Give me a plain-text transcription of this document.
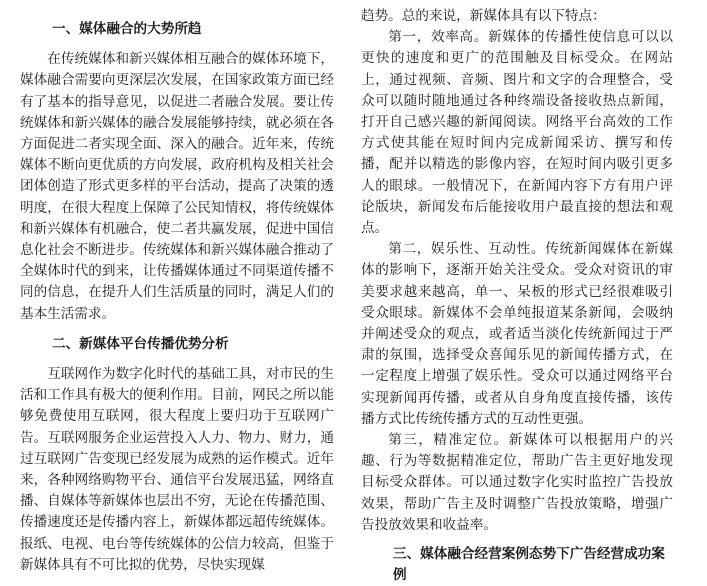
一、媒体融合的大势所趋

在传统媒体和新兴媒体相互融合的媒体环境下，媒体融合需要向更深层次发展，在国家政策方面已经有了基本的指导意见，以促进二者融合发展。要让传统媒体和新兴媒体的融合发展能够持续，就必须在各方面促进二者实现全面、深入的融合。近年来，传统媒体不断向更优质的方向发展，政府机构及相关社会团体创造了形式更多样的平台活动，提高了决策的透明度，在很大程度上保障了公民知情权，将传统媒体和新兴媒体有机融合，使二者共赢发展，促进中国信息化社会不断进步。传统媒体和新兴媒体融合推动了全媒体时代的到来，让传播媒体通过不同渠道传播不同的信息，在提升人们生活质量的同时，满足人们的基本生活需求。

二、新媒体平台传播优势分析

互联网作为数字化时代的基础工具，对市民的生活和工作具有极大的便利作用。目前，网民之所以能够免费使用互联网，很大程度上要归功于互联网广告。互联网服务企业运营投入人力、物力、财力，通过互联网广告变现已经发展为成熟的运作模式。近年来，各种网络购物平台、通信平台发展迅猛，网络直播、自媒体等新媒体也层出不穷，无论在传播范围、传播速度还是传播内容上，新媒体都远超传统媒体。报纸、电视、电台等传统媒体的公信力较高，但鉴于新媒体具有不可比拟的优势，尽快实现媒

趋势。总的来说，新媒体具有以下特点：

第一，效率高。新媒体的传播性使信息可以以更快的速度和更广的范围触及目标受众。在网站上，通过视频、音频、图片和文字的合理整合，受众可以随时随地通过各种终端设备接收热点新闻，打开自己感兴趣的新闻阅读。网络平台高效的工作方式使其能在短时间内完成新闻采访、撰写和传播，配并以精选的影像内容，在短时间内吸引更多人的眼球。一般情况下，在新闻内容下方有用户评论版块，新闻发布后能接收用户最直接的想法和观点。

第二，娱乐性、互动性。传统新闻媒体在新媒体的影响下，逐渐开始关注受众。受众对资讯的审美要求越来越高，单一、呆板的形式已经很难吸引受众眼球。新媒体不会单纯报道某条新闻，会吸纳并阐述受众的观点，或者适当淡化传统新闻过于严肃的氛围，选择受众喜闻乐见的新闻传播方式，在一定程度上增强了娱乐性。受众可以通过网络平台实现新闻再传播，或者从自身角度直接传播，该传播方式比传统传播方式的互动性更强。

第三，精准定位。新媒体可以根据用户的兴趣、行为等数据精准定位，帮助广告主更好地发现目标受众群体。可以通过数字化实时监控广告投放效果，帮助广告主及时调整广告投放策略，增强广告投放效果和收益率。

三、媒体融合经营案例态势下广告经营成功案例
